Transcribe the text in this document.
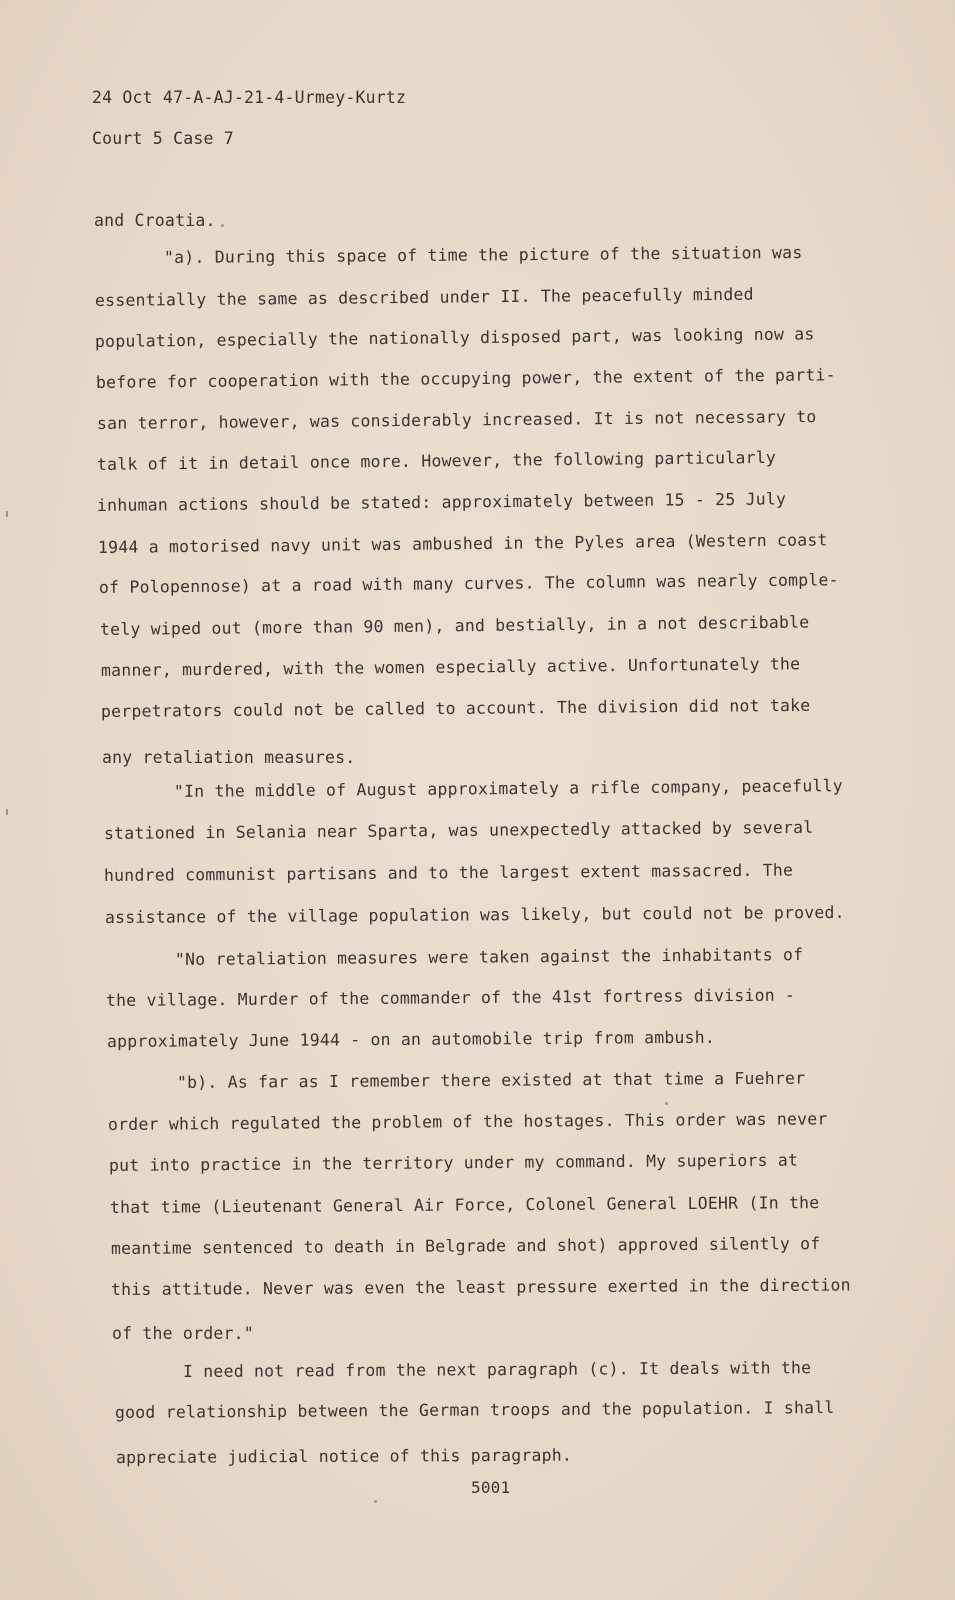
24 Oct 47-A-AJ-21-4-Urmey-Kurtz
Court 5 Case 7
and Croatia.
"a). During this space of time the picture of the situation was
essentially the same as described under II. The peacefully minded
population, especially the nationally disposed part, was looking now as
before for cooperation with the occupying power, the extent of the parti-
san terror, however, was considerably increased. It is not necessary to
talk of it in detail once more. However, the following particularly
inhuman actions should be stated: approximately between 15 - 25 July
1944 a motorised navy unit was ambushed in the Pyles area (Western coast
of Polopennose) at a road with many curves. The column was nearly comple-
tely wiped out (more than 90 men), and bestially, in a not describable
manner, murdered, with the women especially active. Unfortunately the
perpetrators could not be called to account. The division did not take
any retaliation measures.
"In the middle of August approximately a rifle company, peacefully
stationed in Selania near Sparta, was unexpectedly attacked by several
hundred communist partisans and to the largest extent massacred. The
assistance of the village population was likely, but could not be proved.
"No retaliation measures were taken against the inhabitants of
the village. Murder of the commander of the 41st fortress division -
approximately June 1944 - on an automobile trip from ambush.
"b). As far as I remember there existed at that time a Fuehrer
order which regulated the problem of the hostages. This order was never
put into practice in the territory under my command. My superiors at
that time (Lieutenant General Air Force, Colonel General LOEHR (In the
meantime sentenced to death in Belgrade and shot) approved silently of
this attitude. Never was even the least pressure exerted in the direction
of the order."
I need not read from the next paragraph (c). It deals with the
good relationship between the German troops and the population. I shall
appreciate judicial notice of this paragraph.
5001
